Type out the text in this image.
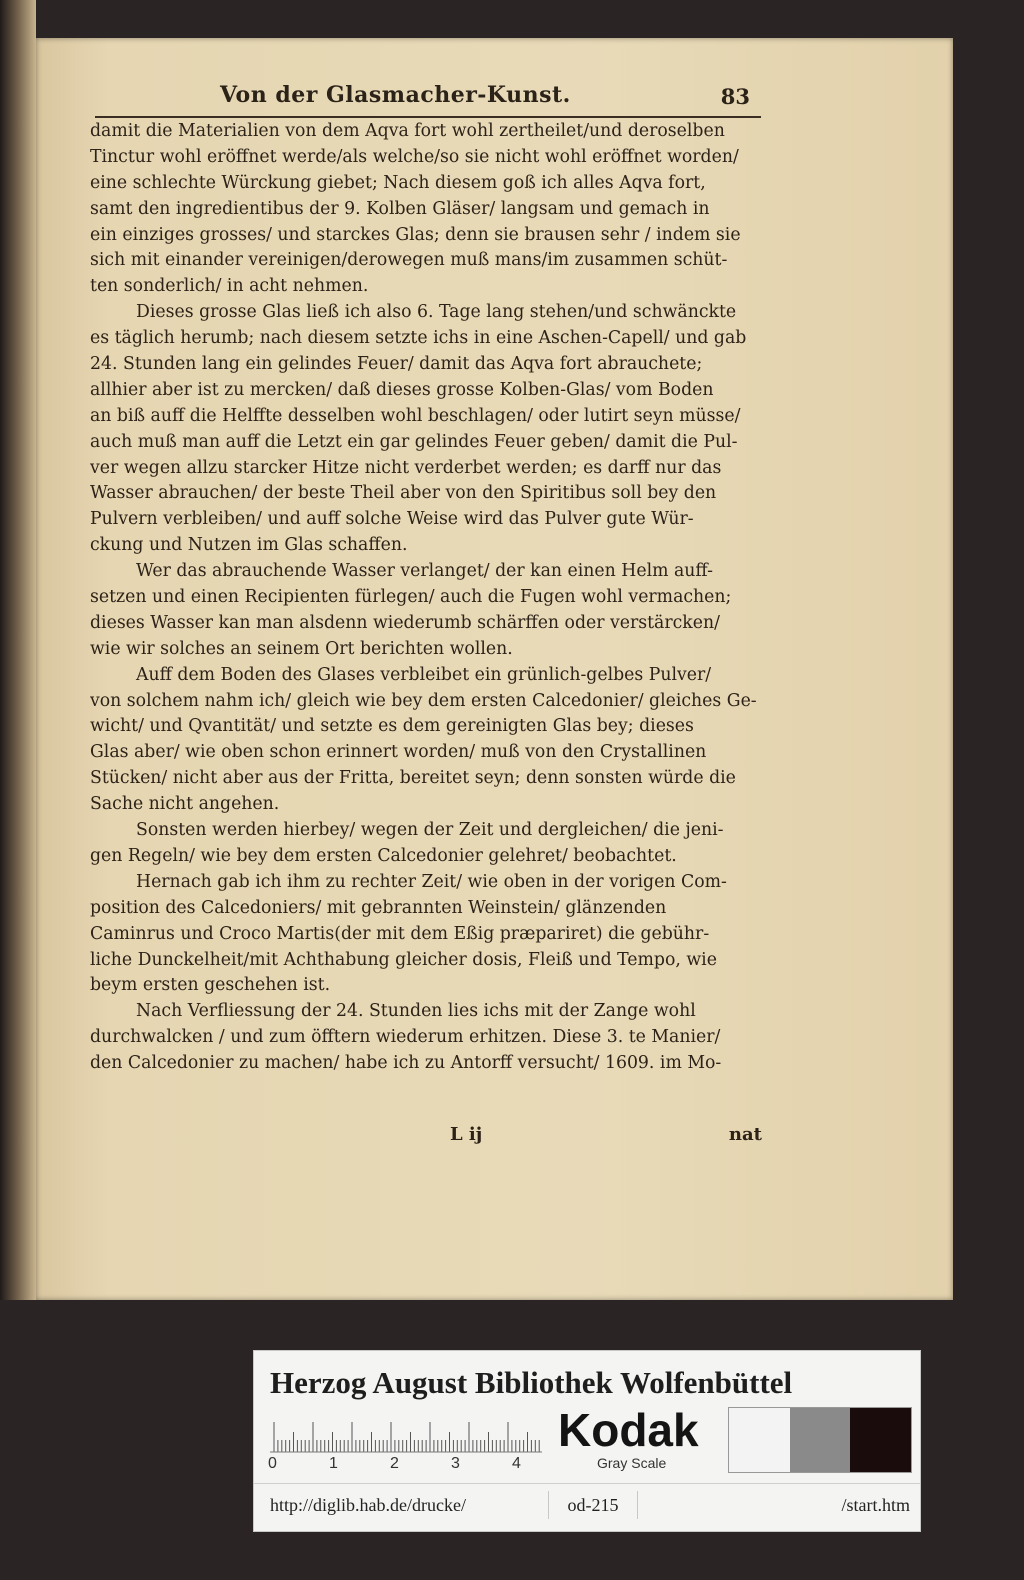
Von der Glasmacher-Kunst.	83
damit die Materialien von dem Aqva fort wohl zertheilet/und deroselben
Tinctur wohl eröffnet werde/als welche/so sie nicht wohl eröffnet worden/
eine schlechte Würckung giebet; Nach diesem goß ich alles Aqva fort,
samt den ingredientibus der 9. Kolben Gläser/ langsam und gemach in
ein einziges grosses/ und starckes Glas; denn sie brausen sehr / indem sie
sich mit einander vereinigen/derowegen muß mans/im zusammen schüt-
ten sonderlich/ in acht nehmen.
Dieses grosse Glas ließ ich also 6. Tage lang stehen/und schwänckte
es täglich herumb; nach diesem setzte ichs in eine Aschen-Capell/ und gab
24. Stunden lang ein gelindes Feuer/ damit das Aqva fort abrauchete;
allhier aber ist zu mercken/ daß dieses grosse Kolben-Glas/ vom Boden
an biß auff die Helffte desselben wohl beschlagen/ oder lutirt seyn müsse/
auch muß man auff die Letzt ein gar gelindes Feuer geben/ damit die Pul-
ver wegen allzu starcker Hitze nicht verderbet werden; es darff nur das
Wasser abrauchen/ der beste Theil aber von den Spiritibus soll bey den
Pulvern verbleiben/ und auff solche Weise wird das Pulver gute Wür-
ckung und Nutzen im Glas schaffen.
Wer das abrauchende Wasser verlanget/ der kan einen Helm auff-
setzen und einen Recipienten fürlegen/ auch die Fugen wohl vermachen;
dieses Wasser kan man alsdenn wiederumb schärffen oder verstärcken/
wie wir solches an seinem Ort berichten wollen.
Auff dem Boden des Glases verbleibet ein grünlich-gelbes Pulver/
von solchem nahm ich/ gleich wie bey dem ersten Calcedonier/ gleiches Ge-
wicht/ und Qvantität/ und setzte es dem gereinigten Glas bey; dieses
Glas aber/ wie oben schon erinnert worden/ muß von den Crystallinen
Stücken/ nicht aber aus der Fritta, bereitet seyn; denn sonsten würde die
Sache nicht angehen.
Sonsten werden hierbey/ wegen der Zeit und dergleichen/ die jeni-
gen Regeln/ wie bey dem ersten Calcedonier gelehret/ beobachtet.
Hernach gab ich ihm zu rechter Zeit/ wie oben in der vorigen Com-
position des Calcedoniers/ mit gebrannten Weinstein/ glänzenden
Caminrus und Croco Martis(der mit dem Eßig præpariret) die gebühr-
liche Dunckelheit/mit Achthabung gleicher dosis, Fleiß und Tempo, wie
beym ersten geschehen ist.
Nach Verfliessung der 24. Stunden lies ichs mit der Zange wohl
durchwalcken / und zum öfftern wiederum erhitzen. Diese 3. te Manier/
den Calcedonier zu machen/ habe ich zu Antorff versucht/ 1609. im Mo-
L ij	nat
Herzog August Bibliothek Wolfenbüttel
0	1	2	3	4
Kodak
Gray Scale
http://diglib.hab.de/drucke/	od-215	/start.htm
